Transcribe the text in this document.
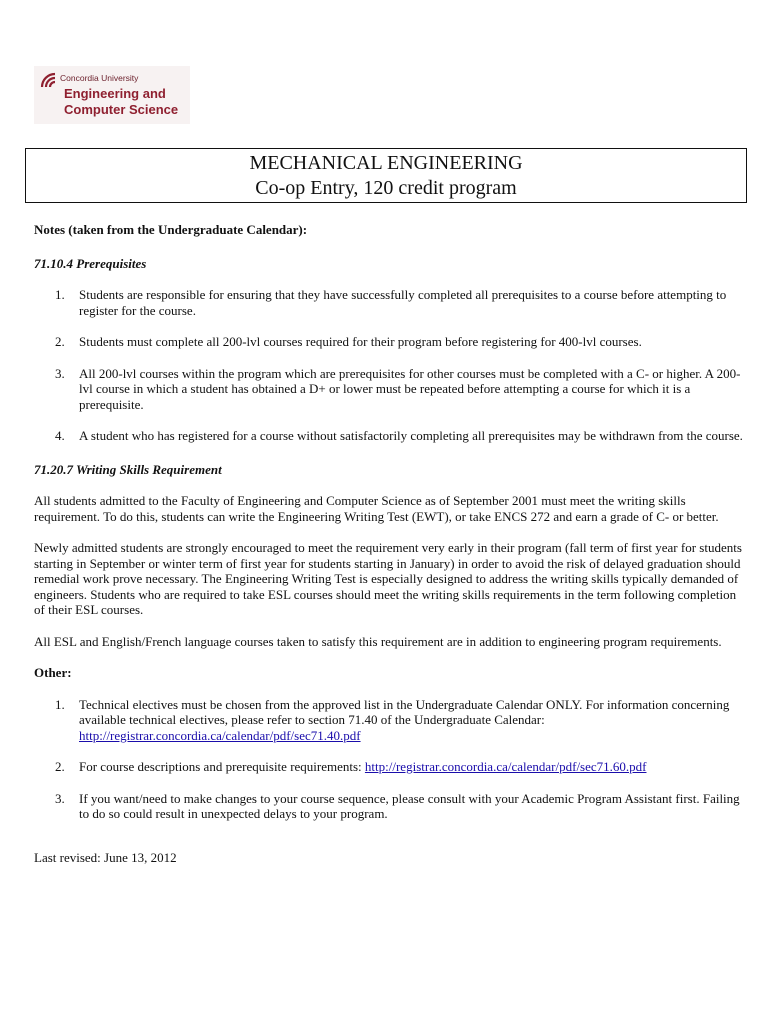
Concordia University
Engineering and
Computer Science
MECHANICAL ENGINEERING
Co-op Entry, 120 credit program

Notes (taken from the Undergraduate Calendar):

71.10.4 Prerequisites

1. Students are responsible for ensuring that they have successfully completed all prerequisites to a course before attempting to register for the course.
2. Students must complete all 200-lvl courses required for their program before registering for 400-lvl courses.
3. All 200-lvl courses within the program which are prerequisites for other courses must be completed with a C- or higher. A 200-lvl course in which a student has obtained a D+ or lower must be repeated before attempting a course for which it is a prerequisite.
4. A student who has registered for a course without satisfactorily completing all prerequisites may be withdrawn from the course.

71.20.7 Writing Skills Requirement

All students admitted to the Faculty of Engineering and Computer Science as of September 2001 must meet the writing skills requirement. To do this, students can write the Engineering Writing Test (EWT), or take ENCS 272 and earn a grade of C- or better.

Newly admitted students are strongly encouraged to meet the requirement very early in their program (fall term of first year for students starting in September or winter term of first year for students starting in January) in order to avoid the risk of delayed graduation should remedial work prove necessary. The Engineering Writing Test is especially designed to address the writing skills typically demanded of engineers. Students who are required to take ESL courses should meet the writing skills requirements in the term following completion of their ESL courses.

All ESL and English/French language courses taken to satisfy this requirement are in addition to engineering program requirements.

Other:

1. Technical electives must be chosen from the approved list in the Undergraduate Calendar ONLY. For information concerning available technical electives, please refer to section 71.40 of the Undergraduate Calendar:
http://registrar.concordia.ca/calendar/pdf/sec71.40.pdf
2. For course descriptions and prerequisite requirements: http://registrar.concordia.ca/calendar/pdf/sec71.60.pdf
3. If you want/need to make changes to your course sequence, please consult with your Academic Program Assistant first. Failing to do so could result in unexpected delays to your program.

Last revised: June 13, 2012
